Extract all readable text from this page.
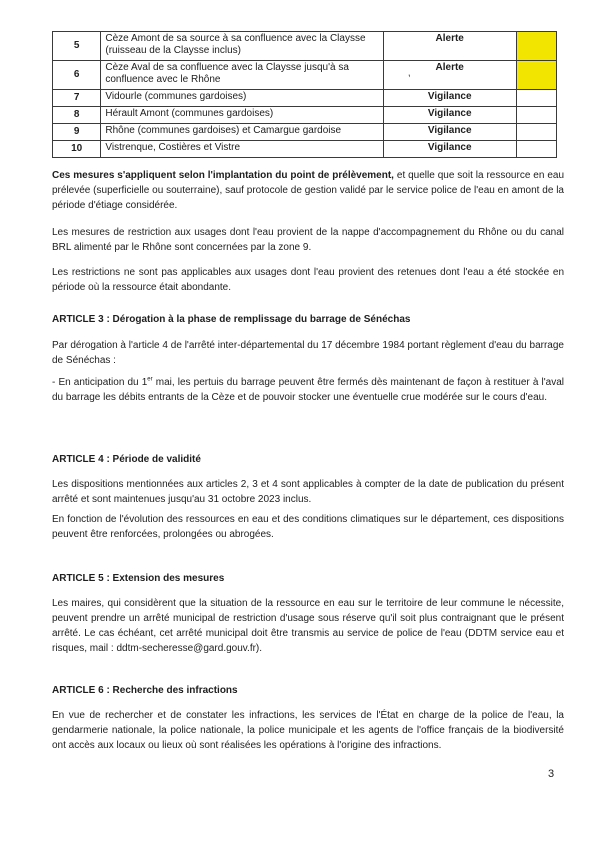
5	Cèze Amont de sa source à sa confluence avec la Claysse (ruisseau de la Claysse inclus)	Alerte	
6	Cèze Aval de sa confluence avec la Claysse jusqu'à sa confluence avec le Rhône	Alerte	
7	Vidourle (communes gardoises)	Vigilance	
8	Hérault Amont (communes gardoises)	Vigilance	
9	Rhône (communes gardoises) et Camargue gardoise	Vigilance	
10	Vistrenque, Costières et Vistre	Vigilance	
’

Ces mesures s'appliquent selon l'implantation du point de prélèvement, et quelle que soit la ressource en eau prélevée (superficielle ou souterraine), sauf protocole de gestion validé par le service police de l'eau en amont de la période d'étiage considérée.

Les mesures de restriction aux usages dont l'eau provient de la nappe d'accompagnement du Rhône ou du canal BRL alimenté par le Rhône sont concernées par la zone 9.

Les restrictions ne sont pas applicables aux usages dont l'eau provient des retenues dont l'eau a été stockée en période où la ressource était abondante.

ARTICLE 3 : Dérogation à la phase de remplissage du barrage de Sénéchas

Par dérogation à l'article 4 de l'arrêté inter-départemental du 17 décembre 1984 portant règlement d'eau du barrage de Sénéchas :

- En anticipation du 1er mai, les pertuis du barrage peuvent être fermés dès maintenant de façon à restituer à l'aval du barrage les débits entrants de la Cèze et de pouvoir stocker une éventuelle crue modérée sur le cours d'eau.

ARTICLE 4 : Période de validité

Les dispositions mentionnées aux articles 2, 3 et 4 sont applicables à compter de la date de publication du présent arrêté et sont maintenues jusqu'au 31 octobre 2023 inclus.

En fonction de l'évolution des ressources en eau et des conditions climatiques sur le département, ces dispositions peuvent être renforcées, prolongées ou abrogées.

ARTICLE 5 : Extension des mesures

Les maires, qui considèrent que la situation de la ressource en eau sur le territoire de leur commune le nécessite, peuvent prendre un arrêté municipal de restriction d'usage sous réserve qu'il soit plus contraignant que le présent arrêté. Le cas échéant, cet arrêté municipal doit être transmis au service de police de l'eau (DDTM service eau et risques, mail : ddtm-secheresse@gard.gouv.fr).

ARTICLE 6 : Recherche des infractions

En vue de rechercher et de constater les infractions, les services de l'État en charge de la police de l'eau, la gendarmerie nationale, la police nationale, la police municipale et les agents de l'office français de la biodiversité ont accès aux locaux ou lieux où sont réalisées les opérations à l'origine des infractions.

3
